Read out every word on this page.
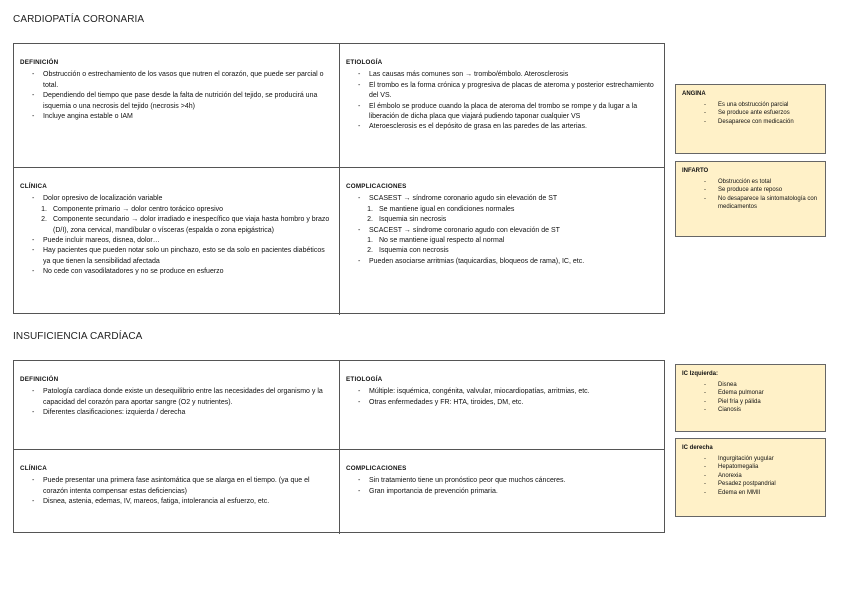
CARDIOPATÍA CORONARIA
DEFINICIÓN
- Obstrucción o estrechamiento de los vasos que nutren el corazón, que puede ser parcial o total.
- Dependiendo del tiempo que pase desde la falta de nutrición del tejido, se producirá una isquemia o una necrosis del tejido (necrosis >4h)
- Incluye angina estable o IAM
ETIOLOGÍA
- Las causas más comunes son → trombo/émbolo. Aterosclerosis
- El trombo es la forma crónica y progresiva de placas de ateroma y posterior estrechamiento del VS.
- El émbolo se produce cuando la placa de ateroma del trombo se rompe y da lugar a la liberación de dicha placa que viajará pudiendo taponar cualquier VS
- Ateroesclerosis es el depósito de grasa en las paredes de las arterias.
CLÍNICA
- Dolor opresivo de localización variable
1. Componente primario → dolor centro torácico opresivo
2. Componente secundario → dolor irradiado e inespecífico que viaja hasta hombro y brazo (D/I), zona cervical, mandíbular o vísceras (espalda o zona epigástrica)
- Puede incluir mareos, disnea, dolor…
- Hay pacientes que pueden notar solo un pinchazo, esto se da solo en pacientes diabéticos ya que tienen la sensibilidad afectada
- No cede con vasodilatadores y no se produce en esfuerzo
COMPLICACIONES
- SCASEST → síndrome coronario agudo sin elevación de ST
1. Se mantiene igual en condiciones normales
2. Isquemia sin necrosis
- SCACEST → síndrome coronario agudo con elevación de ST
1. No se mantiene igual respecto al normal
2. Isquemia con necrosis
- Pueden asociarse arritmias (taquicardias, bloqueos de rama), IC, etc.
ANGINA
- Es una obstrucción parcial
- Se produce ante esfuerzos
- Desaparece con medicación
INFARTO
- Obstrucción es total
- Se produce ante reposo
- No desaparece la sintomatología con medicamentos
INSUFICIENCIA CARDÍACA
DEFINICIÓN
- Patología cardíaca donde existe un desequilibrio entre las necesidades del organismo y la capacidad del corazón para aportar sangre (O2 y nutrientes).
- Diferentes clasificaciones: izquierda / derecha
ETIOLOGÍA
- Múltiple: isquémica, congénita, valvular, miocardiopatías, arritmias, etc.
- Otras enfermedades y FR: HTA, tiroides, DM, etc.
CLÍNICA
- Puede presentar una primera fase asintomática que se alarga en el tiempo. (ya que el corazón intenta compensar estas deficiencias)
- Disnea, astenia, edemas, IV, mareos, fatiga, intolerancia al esfuerzo, etc.
COMPLICACIONES
- Sin tratamiento tiene un pronóstico peor que muchos cánceres.
- Gran importancia de prevención primaria.
IC Izquierda:
- Disnea
- Edema pulmonar
- Piel fría y pálida
- Cianosis
IC derecha
- Ingurgitación yugular
- Hepatomegalia
- Anorexia
- Pesadez postpandrial
- Edema en MMII
